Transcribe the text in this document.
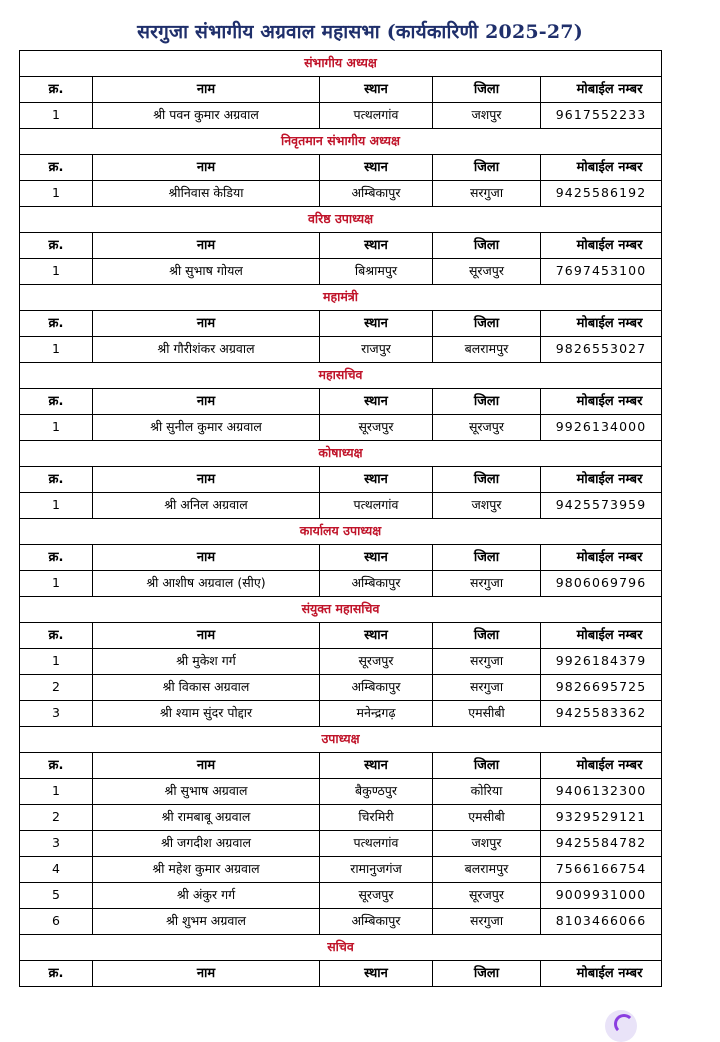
सरगुजा संभागीय अग्रवाल महासभा (कार्यकारिणी 2025-27)
संभागीय अध्यक्ष				
क्र.	नाम	स्थान	जिला	मोबाईल नम्बर
1	श्री पवन कुमार अग्रवाल	पत्थलगांव	जशपुर	9617552233
निवृतमान संभागीय अध्यक्ष				
क्र.	नाम	स्थान	जिला	मोबाईल नम्बर
1	श्रीनिवास केडिया	अम्बिकापुर	सरगुजा	9425586192
वरिष्ठ उपाध्यक्ष				
क्र.	नाम	स्थान	जिला	मोबाईल नम्बर
1	श्री सुभाष गोयल	बिश्रामपुर	सूरजपुर	7697453100
महामंत्री				
क्र.	नाम	स्थान	जिला	मोबाईल नम्बर
1	श्री गौरीशंकर अग्रवाल	राजपुर	बलरामपुर	9826553027
महासचिव				
क्र.	नाम	स्थान	जिला	मोबाईल नम्बर
1	श्री सुनील कुमार अग्रवाल	सूरजपुर	सूरजपुर	9926134000
कोषाध्यक्ष				
क्र.	नाम	स्थान	जिला	मोबाईल नम्बर
1	श्री अनिल अग्रवाल	पत्थलगांव	जशपुर	9425573959
कार्यालय उपाध्यक्ष				
क्र.	नाम	स्थान	जिला	मोबाईल नम्बर
1	श्री आशीष अग्रवाल (सीए)	अम्बिकापुर	सरगुजा	9806069796
संयुक्त महासचिव				
क्र.	नाम	स्थान	जिला	मोबाईल नम्बर
1	श्री मुकेश गर्ग	सूरजपुर	सरगुजा	9926184379
2	श्री विकास अग्रवाल	अम्बिकापुर	सरगुजा	9826695725
3	श्री श्याम सुंदर पोद्दार	मनेन्द्रगढ़	एमसीबी	9425583362
उपाध्यक्ष				
क्र.	नाम	स्थान	जिला	मोबाईल नम्बर
1	श्री सुभाष अग्रवाल	बैकुण्ठपुर	कोरिया	9406132300
2	श्री रामबाबू अग्रवाल	चिरमिरी	एमसीबी	9329529121
3	श्री जगदीश अग्रवाल	पत्थलगांव	जशपुर	9425584782
4	श्री महेश कुमार अग्रवाल	रामानुजगंज	बलरामपुर	7566166754
5	श्री अंकुर गर्ग	सूरजपुर	सूरजपुर	9009931000
6	श्री शुभम अग्रवाल	अम्बिकापुर	सरगुजा	8103466066
सचिव				
क्र.	नाम	स्थान	जिला	मोबाईल नम्बर
